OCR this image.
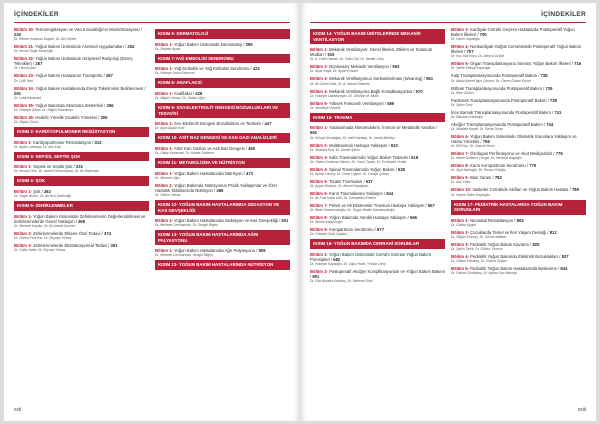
İÇİNDEKİLER
Bölüm 30- Termoregülasyon ve Vücut Sıcaklığının Monitörizasyonu / 240
Dr. Behice Kurtaran Bulgan, Dr. Ali Cömert
Bölüm 31- Yoğun Bakım Ünitesinde Anestezi Uygulamaları / 254
Dr. Kemal Tolga Saraçoğlu
Bölüm 32- Yoğun Bakım Ünitesinde Girişimsel Radyoloji (Dereç Teknikler) / 267
Dr. Hilal Arslan
Bölüm 33- Yoğun Bakım Hastasının Transportu / 287
Dr. Lütfi Telci
Bölüm 34- Yoğun Bakım Hastalarında Enerji Tüketiminin Belirlenmesi / 291
Dr. Leila Karabulut
Bölüm 35- Yoğun Bakımda Skorlama Sistemleri / 296
Dr. Hüseyin Şahin, Dr. Nilgün Kahraman
Bölüm 36- Hedefe Yönelik Sıcaklık Yönetimi / 306
Dr. Nilgün Tüzün
KISIM 2- KARDİYOPULMONER RESÜSTASYON
Bölüm 1- Kardiyopulmoner Resüsitasyon / 312
Dr. Aydın Çankaya, Dr. Aslı Kılıç
KISIM 3- SEPSİS, SEPTİK ŞOK
Bölüm 1- Sepsis ve Septik Şok / 331
Dr. Kemal Cinsı, Dr. İsmail Kırmızıtoprak, Dr. Ali Söylemez
KISIM 4- ŞOK
Bölüm 1- Şok / 362
Dr. Özgür Akıncı, Dr. Ali Nuri Şahinoğlu
KISIM 5- ZEHİRLENMELER
Bölüm 1- Yoğun Bakım Ünitesinde Zehirlenmenin Değerlendirilmesi ve Zehirlenmelerde Genel Yaklaşım / 369
Dr. Mehmet Kaydın, Dr. Ali Ahmet Dumlen
Bölüm 2- Zehirlenmelerde Etkene Özel Tedavi / 374
Dr. Özlem Fırat Kar, Dr. Zeynep Yılmaz
Bölüm 3- Zehirlenmelerde Ekstrakorporeal Tedavi / 391
Dr. Gülüz Keter, Dr. Zeynep Yılmaz
KISIM 6- DERMATOLOJİ
Bölüm 1- Yoğun Bakım Ünitesinde Dermatoloji / 395
Dr. Zeynep Aydın
KISIM 7-YAĞ EMBOLİSİ SENDROMU
Bölüm 1- Yağ Embolisi ve Yağ Embolisi Sendromu / 421
Dr. Hüseyin Kutlu Kırmızıel
KISIM 8- ANAFLAKSİ
Bölüm 1- Anafilaksi / 429
Dr. Nilgün Yılmaz, Dr. Hakan Uğur
KISIM 9- SIVI-ELEKTROLİT DENGESİ BOZUKLUKLARI VE TEDAVİSİ
Bölüm 1- Sıvı-Elektrolit Dengesi Bozuklukları ve Tedavisi / 447
Dr. Ayça Aygün Kurt
KISIM 10- ASİT BAZ DENGESİ VE KAN GAZI ANALİZLERİ
Bölüm 1- Arter Kan Gazları ve Asit Baz Dengesi / 460
Dr. Oktay Kocaman, Dr. Hande Özdemir
KISIM 11- METABOLİZMA VE NÜTRİSYON
Bölüm 1- Yoğun Bakım Hastalarında Nütrisyon / 473
Dr. Mehmet Uğur
Bölüm 2- Yoğun Bakımda Nütrisyonun Pratik Yaklaşımlar ve Özel Hastalık Tablolarında Nütrisyon / 486
Dr. Özlem Yılmaz
KISIM 12- YOĞUN BAKIM HASTALARINDA SEDASYON VE KAS GEVŞEKLİĞİ
Bölüm 1- Yoğun Bakım Hastalarında Sedasyon ve Kas Gevşekliği / 501
Dr. Mehmet Cemhanvan, Dr. Sevgül Bilgen
KISIM 13- YOĞUN BAKIM HASTALARINDA AĞRI PALYASYONU
Bölüm 1- Yoğun Bakım Hastalarında Ağrı Palyasyonu / 509
Dr. Mehmet Cemhanvan, Sevgül Bilgen
KISIM 13- YOĞUN BAKIM HASTALARINDA NÜTRİSYON
xxii
İÇİNDEKİLER
KISIM 14- YOĞUN BAKIM ÜNİTELERİNDE MEKANİK VENTİLASYON
Bölüm 1- Mekanik Ventilasyon: Genel İlkeleri, Etkileri ve Solunum Modları / 515
Dr. A. Fatih Duman, Dr. Fahri Gül, Dr. Serdar Cinsi
Bölüm 2- Noninvaziv Mekanik Ventilasyon / 553
Dr. Alper Kaya, Dr. Aydın Erbulut
Bölüm 3- Mekanik Ventilasyonun Sonlandırılması (Weaning) / 561
Dr. Ali Gürtel Sahi, Dr. A. Necati Gökmen
Bölüm 4- Mekanik Ventilasyona Bağlı Komplikasyonlar / 570
Dr. Hüseyin Lakadamyalı, Dr. Gökhan M. Mutlu
Bölüm 5- Yüksek Frekanslı Ventilasyon / 586
Dr. Menekşe Özçelik
KISIM 15- TRAVMA
Bölüm 1- Yaralanmada Nöroendokrin, İmmün ve Metabolik Yanıtlar / 592
Dr. Kürşat Gündoğan, Dr. Halit Karataş, Dr. İsmail Altıntop
Bölüm 2- Multitravmalı Hastaya Yaklaşım / 610
Dr. Mustafa Kurt, Dr. Ahmet Şahin
Bölüm 3- Kafa Travmalarında Yoğun Bakım Tedavisi / 618
Dr. Özlem Korkmaz Dilmen, Dr. Yusuf Tunalı, Dr. Ercüment Yentür
Bölüm 4- Spinal Travmalarında Yoğun Bakım / 628
Dr. Ayhan Ulusoy, Dr. Ömer Uygun, Dr. Cengiz Çoban
Bölüm 5- Toraks Travmaları / 637
Dr. Ayşen Bozkurt, Dr. Ahmet Kayağılan
Bölüm 6- Karın Travmalarına Yaklaşım / 644
Dr. Ali Fuat Kaan Gök, Dr. Cemalettin Ertekin
Bölüm 7- Pelvis ve Alt Ekstremite Travmalı Hastaya Yaklaşım / 657
Dr. Bedri Karaismailoğlu, Dr. Turgut Nedim Karaismailoğlu
Bölüm 8- Yoğun Bakımda Yanıklı Hastaya Yaklaşım / 666
Dr. Bülent Kalaycıoğlu
Bölüm 9- Kompartman Sendromu / 677
Dr. Hüseyin Ümit Coşkun
KISIM 16- YOĞUN BAKIMDA CERRAHİ SORUNLAR
Bölüm 1- Yoğun Bakım Ünitesinde Cerrahi Sonrası Yoğun Bakım Prensipleri / 682
Dr. Hüseyin Kayaoğlu, Dr. Oğuz Hanlı, Yılmaz Genç
Bölüm 2- Postoperatif Akciğer Komplikasyonları ve Yoğun Bakım Bakımı / 691
Dr. Filiz Akçaba Kurtuluş, Dr. Mehmet Ünal
Bölüm 3- Kardiyak Cerrahi Geçiren Hastalarda Postoperatif Yoğun Bakım İlkeleri / 700
Dr. Demir Kayaoğlu
Bölüm 4- Nonkardiyak Göğüs Cerrahisinde Postoperatif Yoğun Bakım İlkeleri / 707
Dr. Koç Soll Koyu, Dr. Aleyna Öztürk
Bölüm 5- Organ Transplantasyonu Sonrası Yoğun Bakım İlkeleri / 716
Dr. Şerife Köksal Kayaoğlu
Kalp Transplantasyonunda Postoperatif Bakım / 725
Dr. Abdul Ahmet Ilgın Çamsız, Dr. Özlem Özkan Erkurt
Böbrek Transplantasyonunda Postoperatif Bakım / 729
Dr. Berk Gülüm
Pankreas Transplantasyonunda Postoperatif Bakım / 738
Dr. Şahin Tunç
İnce Barsak Transplantasyonunda Postoperatif Bakım / 741
Dr. Batuhan Karaoğlu
Akciğer Transplantasyonunda Postoperatif Bakım / 744
Dr. Mustafa Kavak, Dr. Sema Turan
Bölüm 6- Yoğun Bakım Ünitesinde Obstetrik Sorunlara Yaklaşım ve Hasta Yönetimi / 756
Dr. Elif Kılıç, Dr. Gamze Derin
Bölüm 7- Özofagus Perforasyonu ve Akut Mediyastinit / 776
Dr. Nezih Özdemir Cengiz, Dr. Mehmet Alagoğlu
Bölüm 8- Karın Kompartman Sendromu / 775
Dr. Ziya Salihoğlu, Dr. Recep Güloğlu
Bölüm 9- Bası Yarası / 782
Dr. Aslı Yıldız
Bölüm 10- Vasküler Cerrahide Akılları ve Yoğun Bakım Hastası / 789
Dr. Hüsnü Selim Kayaoğlu
KISIM 17- PEDİATRİK HASTALARDA YOĞUN BAKIM SORUNLARI
Bölüm 1- Neonatal Resüsitasyon / 804
Dr. Gülnur Aygün
Bölüm 2- Çocuklarda Temel ve İleri Yaşam Desteği / 812
Dr. Nilgün Kılıçsoy, Dr. Gülnur Atalkan
Bölüm 3- Pediatrik Yoğun Bakım Kavramı / 825
Dr. Şahin Tanık, Dr. Gülnur Yıldırım
Bölüm 4- Pediatrik Yoğun Bakımda Elektrolit Bozuklukları / 837
Dr. Gülnur Karakaş, Dr. Gülnur Doğan
Bölüm 5- Pediatrik Yoğun Bakım Hastalarında Beslenme / 844
Dr. Fatma Gümüştaş, Dr. Ayhan Gaz Alakoyu
xxiii
